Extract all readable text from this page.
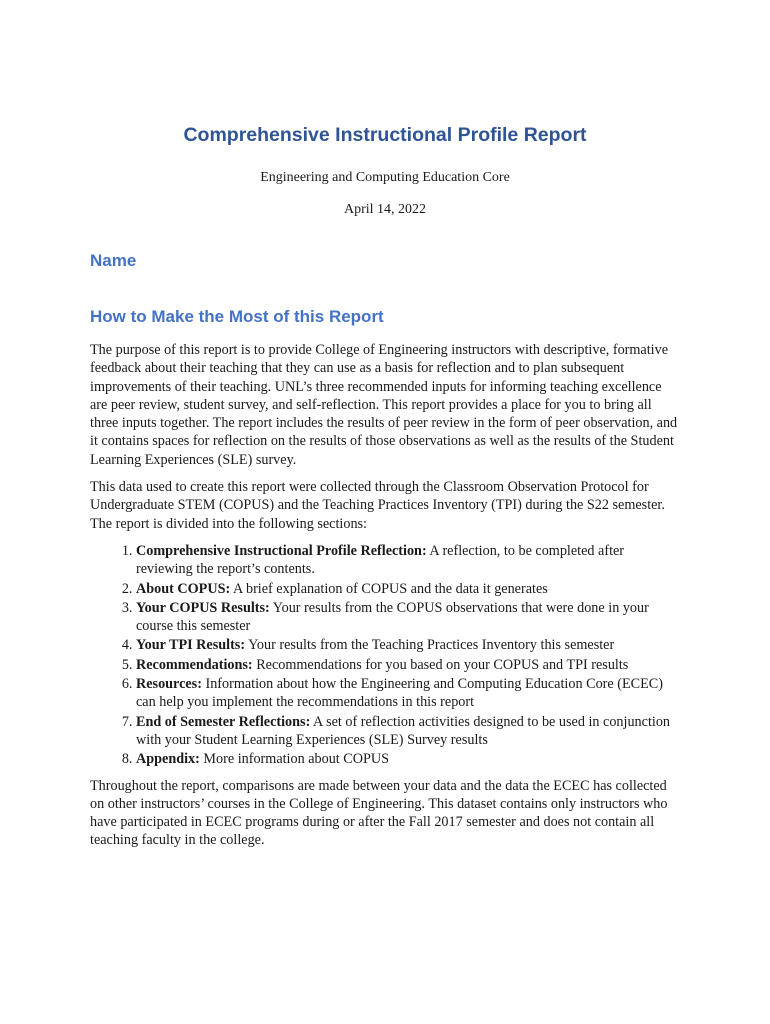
Comprehensive Instructional Profile Report

Engineering and Computing Education Core

April 14, 2022

Name
How to Make the Most of this Report

The purpose of this report is to provide College of Engineering instructors with descriptive, formative feedback about their teaching that they can use as a basis for reflection and to plan subsequent improvements of their teaching. UNL’s three recommended inputs for informing teaching excellence are peer review, student survey, and self-reflection. This report provides a place for you to bring all three inputs together. The report includes the results of peer review in the form of peer observation, and it contains spaces for reflection on the results of those observations as well as the results of the Student Learning Experiences (SLE) survey.

This data used to create this report were collected through the Classroom Observation Protocol for Undergraduate STEM (COPUS) and the Teaching Practices Inventory (TPI) during the S22 semester. The report is divided into the following sections:

1. Comprehensive Instructional Profile Reflection: A reflection, to be completed after reviewing the report’s contents.
2. About COPUS: A brief explanation of COPUS and the data it generates
3. Your COPUS Results: Your results from the COPUS observations that were done in your course this semester
4. Your TPI Results: Your results from the Teaching Practices Inventory this semester
5. Recommendations: Recommendations for you based on your COPUS and TPI results
6. Resources: Information about how the Engineering and Computing Education Core (ECEC) can help you implement the recommendations in this report
7. End of Semester Reflections: A set of reflection activities designed to be used in conjunction with your Student Learning Experiences (SLE) Survey results
8. Appendix: More information about COPUS

Throughout the report, comparisons are made between your data and the data the ECEC has collected on other instructors’ courses in the College of Engineering. This dataset contains only instructors who have participated in ECEC programs during or after the Fall 2017 semester and does not contain all teaching faculty in the college.
